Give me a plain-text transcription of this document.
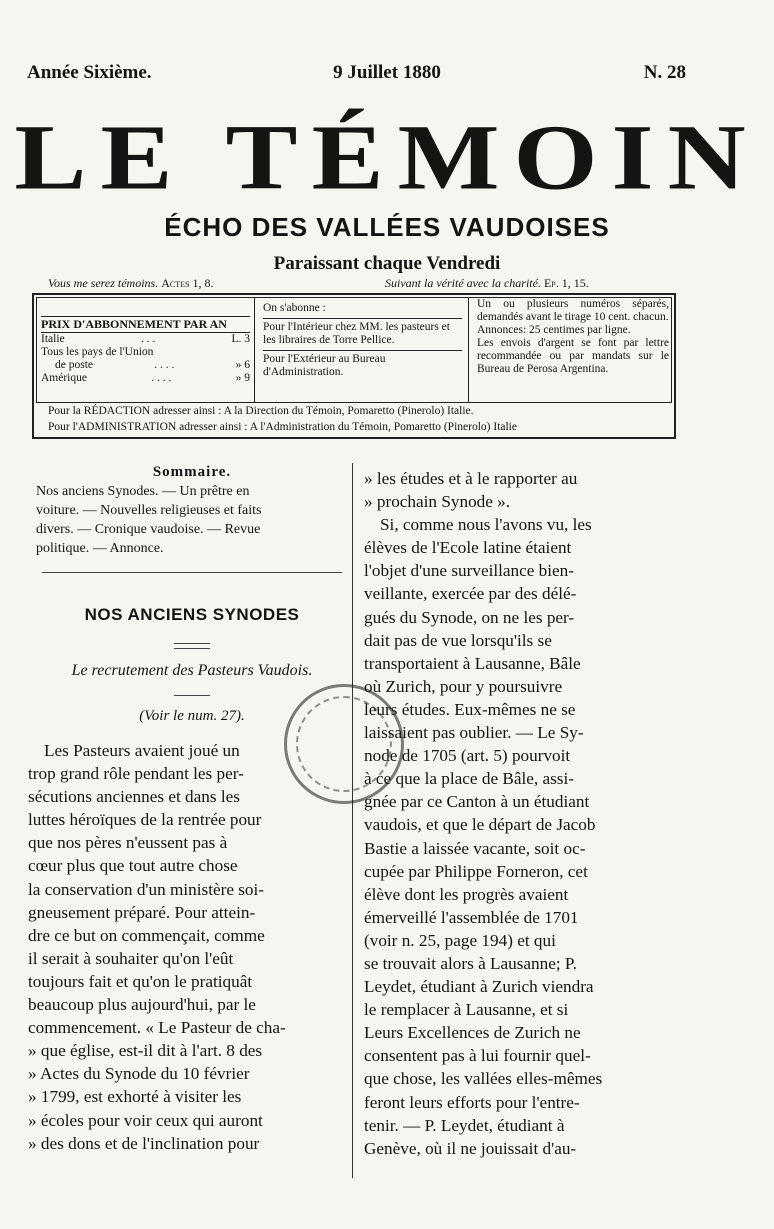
Année Sixième.	9 Juillet 1880	N. 28
LE TÉMOIN
ÉCHO DES VALLÉES VAUDOISES
Paraissant chaque Vendredi
Vous me serez témoins. Actes 1, 8.	Suivant la vérité avec la charité. Ep. 1, 15.
PRIX D'ABBONNEMENT PAR AN
Italie	. . .	L. 3
Tous les pays de l'Union
de poste	. . . .	» 6
Amérique	. . . .	» 9
On s'abonne :
Pour l'Intérieur chez MM. les pasteurs et les libraires de Torre Pellice.
Pour l'Extérieur au Bureau d'Administration.
Un ou plusieurs numéros séparés, demandés avant le tirage 10 cent. chacun.
Annonces: 25 centimes par ligne.
Les envois d'argent se font par lettre recommandée ou par mandats sur le Bureau de Perosa Argentina.
Pour la RÉDACTION adresser ainsi : A la Direction du Témoin, Pomaretto (Pinerolo) Italie.
Pour l'ADMINISTRATION adresser ainsi : A l'Administration du Témoin, Pomaretto (Pinerolo) Italie
Sommaire.
Nos anciens Synodes. — Un prêtre en
voiture. — Nouvelles religieuses et faits
divers. — Cronique vaudoise. — Revue
politique. — Annonce.
NOS ANCIENS SYNODES
Le recrutement des Pasteurs Vaudois.
(Voir le num. 27).
Les Pasteurs avaient joué un
trop grand rôle pendant les per-
sécutions anciennes et dans les
luttes héroïques de la rentrée pour
que nos pères n'eussent pas à
cœur plus que tout autre chose
la conservation d'un ministère soi-
gneusement préparé. Pour attein-
dre ce but on commençait, comme
il serait à souhaiter qu'on l'eût
toujours fait et qu'on le pratiquât
beaucoup plus aujourd'hui, par le
commencement. « Le Pasteur de cha-
» que église, est-il dit à l'art. 8 des
» Actes du Synode du 10 février
» 1799, est exhorté à visiter les
» écoles pour voir ceux qui auront
» des dons et de l'inclination pour
» les études et à le rapporter au
» prochain Synode ».
Si, comme nous l'avons vu, les
élèves de l'Ecole latine étaient
l'objet d'une surveillance bien-
veillante, exercée par des délé-
gués du Synode, on ne les per-
dait pas de vue lorsqu'ils se
transportaient à Lausanne, Bâle
où Zurich, pour y poursuivre
leurs études. Eux-mêmes ne se
laissaient pas oublier. — Le Sy-
node de 1705 (art. 5) pourvoit
à ce que la place de Bâle, assi-
gnée par ce Canton à un étudiant
vaudois, et que le départ de Jacob
Bastie a laissée vacante, soit oc-
cupée par Philippe Forneron, cet
élève dont les progrès avaient
émerveillé l'assemblée de 1701
(voir n. 25, page 194) et qui
se trouvait alors à Lausanne; P.
Leydet, étudiant à Zurich viendra
le remplacer à Lausanne, et si
Leurs Excellences de Zurich ne
consentent pas à lui fournir quel-
que chose, les vallées elles-mêmes
feront leurs efforts pour l'entre-
tenir. — P. Leydet, étudiant à
Genève, où il ne jouissait d'au-
